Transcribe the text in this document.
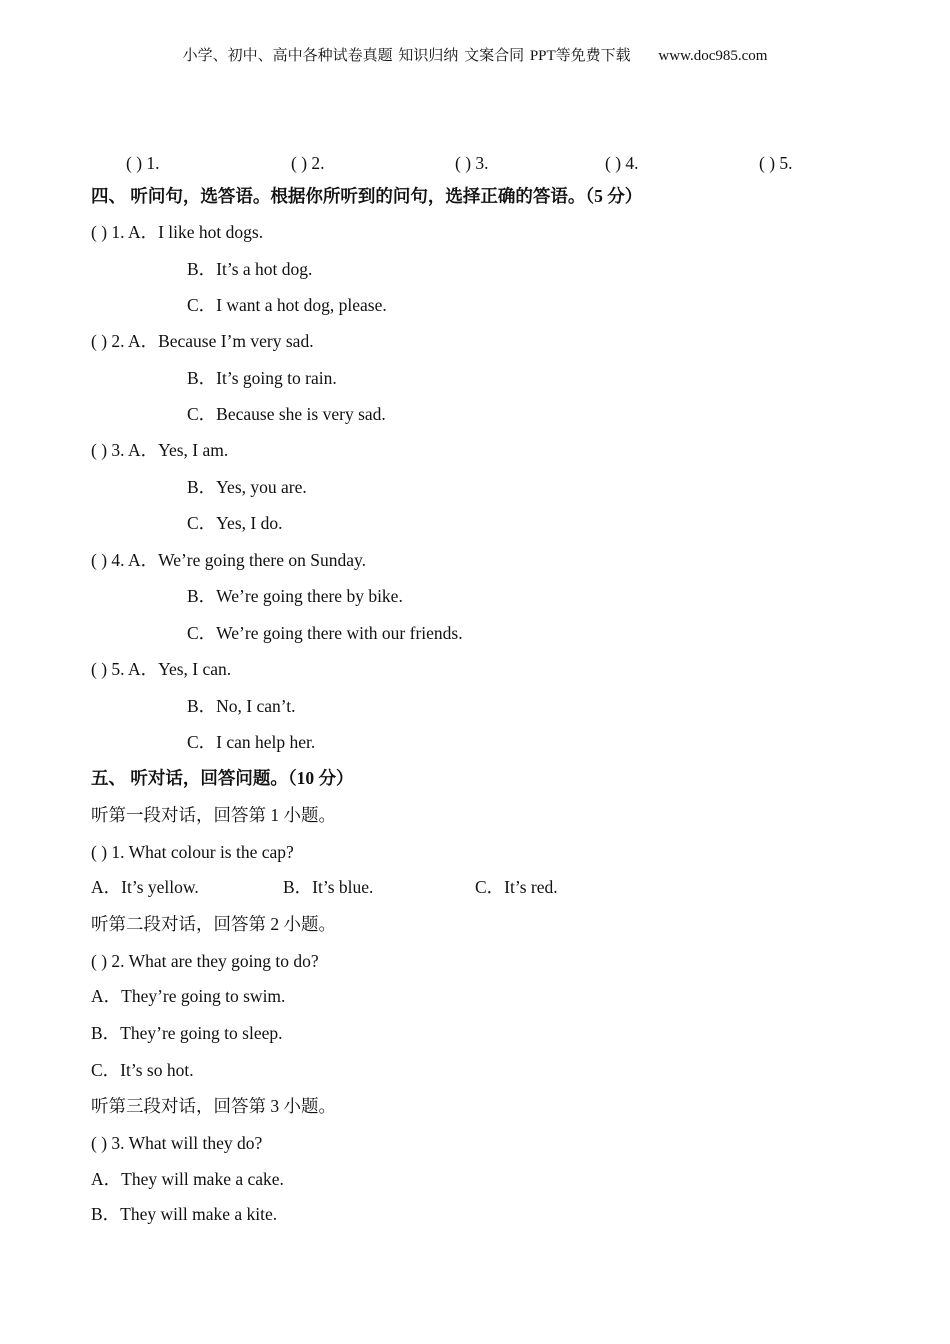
小学、初中、高中各种试卷真题 知识归纳 文案合同 PPT等免费下载 www.doc985.com
( ) 1.	( ) 2.	( ) 3.	( ) 4.	( ) 5.
四、 听问句，选答语。根据你所听到的问句，选择正确的答语。（5 分）
( ) 1. A．I like hot dogs.
B．It’s a hot dog.
C．I want a hot dog, please.
( ) 2. A．Because I’m very sad.
B．It’s going to rain.
C．Because she is very sad.
( ) 3. A．Yes, I am.
B．Yes, you are.
C．Yes, I do.
( ) 4. A．We’re going there on Sunday.
B．We’re going there by bike.
C．We’re going there with our friends.
( ) 5. A．Yes, I can.
B．No, I can’t.
C．I can help her.
五、 听对话，回答问题。（10 分）
听第一段对话，回答第 1 小题。
( ) 1. What colour is the cap?
A．It’s yellow.	B．It’s blue.	C．It’s red.
听第二段对话，回答第 2 小题。
( ) 2. What are they going to do?
A．They’re going to swim.
B．They’re going to sleep.
C．It’s so hot.
听第三段对话，回答第 3 小题。
( ) 3. What will they do?
A．They will make a cake.
B．They will make a kite.
